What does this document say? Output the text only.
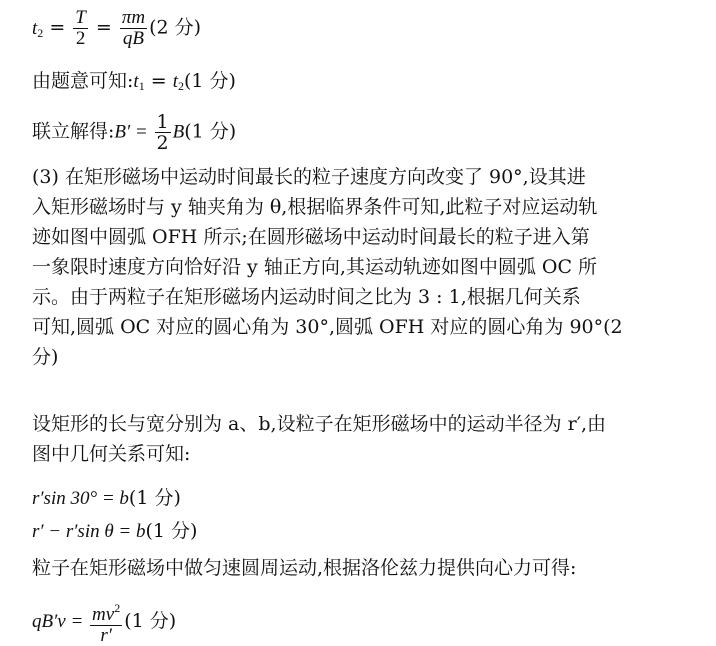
$t_2 = \frac{T}{2} = \frac{\pi m}{qB} (2$ 分)
由题意可知$:t_1 = t_2(1$ 分)
联立解得:B′ = $\frac{1}{2} B(1$ 分)
(3) 在矩形磁场中运动时间最长的粒子速度方向改变了 90°,设其进
入矩形磁场时与 y 轴夹角为 θ,根据临界条件可知,此粒子对应运动轨
迹如图中圆弧 OFH 所示;在圆形磁场中运动时间最长的粒子进入第
一象限时速度方向恰好沿 y 轴正方向,其运动轨迹如图中圆弧 OC 所
示。由于两粒子在矩形磁场内运动时间之比为 3 : 1,根据几何关系
可知,圆弧 OC 对应的圆心角为 30°,圆弧 OFH 对应的圆心角为 90°(2
分)
设矩形的长与宽分别为 a、b,设粒子在矩形磁场中的运动半径为 r′,由
图中几何关系可知:
r′sin 30° = b(1 分)
r′ − r′sin θ = b(1 分)
粒子在矩形磁场中做匀速圆周运动,根据洛伦兹力提供向心力可得:
$qB'v = \frac{mv^2}{r'} (1$ 分)
